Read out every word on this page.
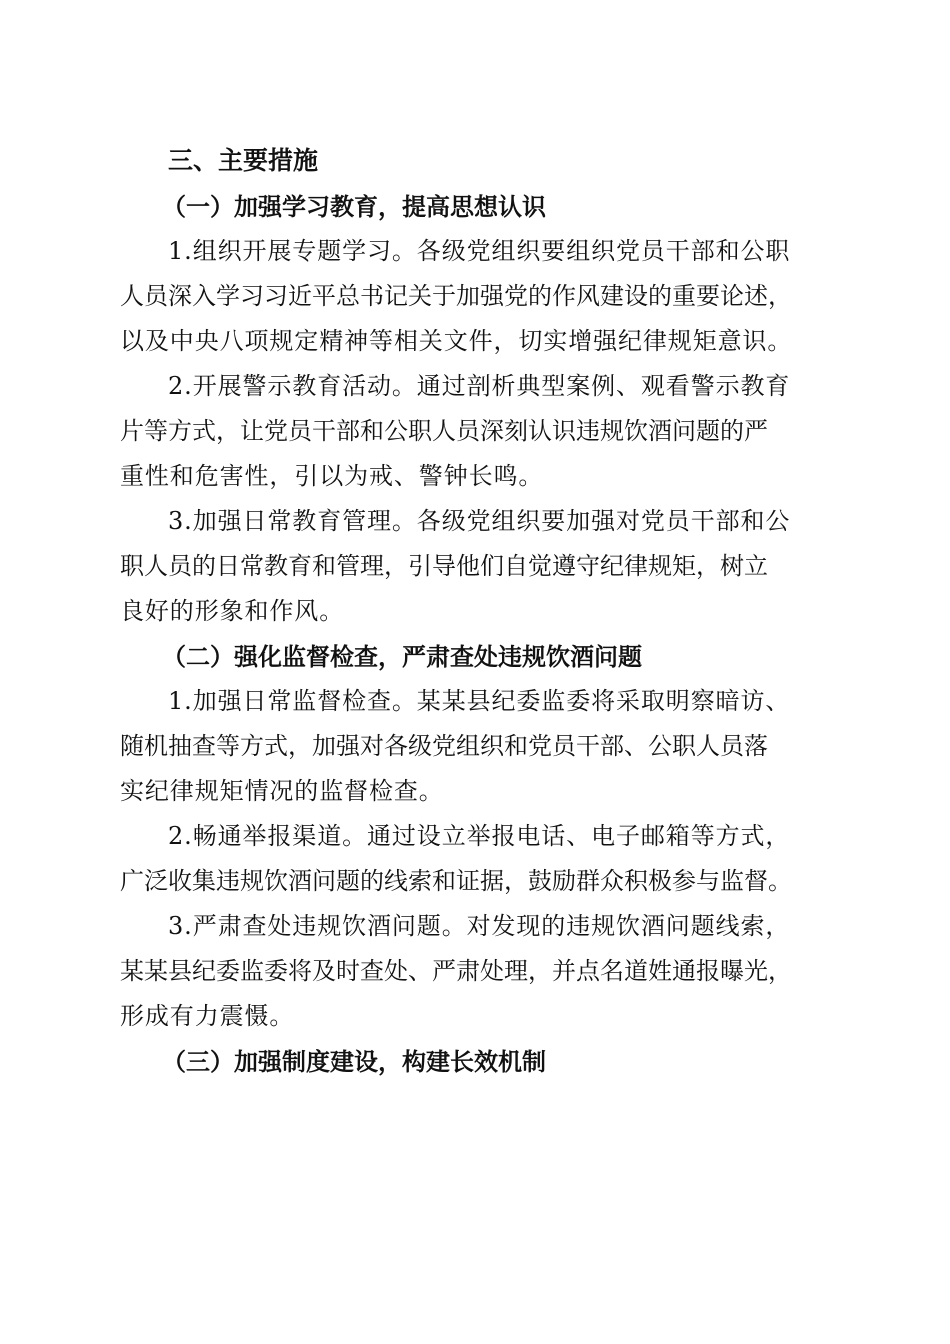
三、主要措施
（一）加强学习教育，提高思想认识

1.组织开展专题学习。各级党组织要组织党员干部和公职
人员深入学习习近平总书记关于加强党的作风建设的重要论述，
以及中央八项规定精神等相关文件，切实增强纪律规矩意识。

2.开展警示教育活动。通过剖析典型案例、观看警示教育
片等方式，让党员干部和公职人员深刻认识违规饮酒问题的严
重性和危害性，引以为戒、警钟长鸣。

3.加强日常教育管理。各级党组织要加强对党员干部和公
职人员的日常教育和管理，引导他们自觉遵守纪律规矩，树立
良好的形象和作风。

（二）强化监督检查，严肃查处违规饮酒问题

1.加强日常监督检查。某某县纪委监委将采取明察暗访、
随机抽查等方式，加强对各级党组织和党员干部、公职人员落
实纪律规矩情况的监督检查。

2.畅通举报渠道。通过设立举报电话、电子邮箱等方式，
广泛收集违规饮酒问题的线索和证据，鼓励群众积极参与监督。

3.严肃查处违规饮酒问题。对发现的违规饮酒问题线索，
某某县纪委监委将及时查处、严肃处理，并点名道姓通报曝光，
形成有力震慑。

（三）加强制度建设，构建长效机制
